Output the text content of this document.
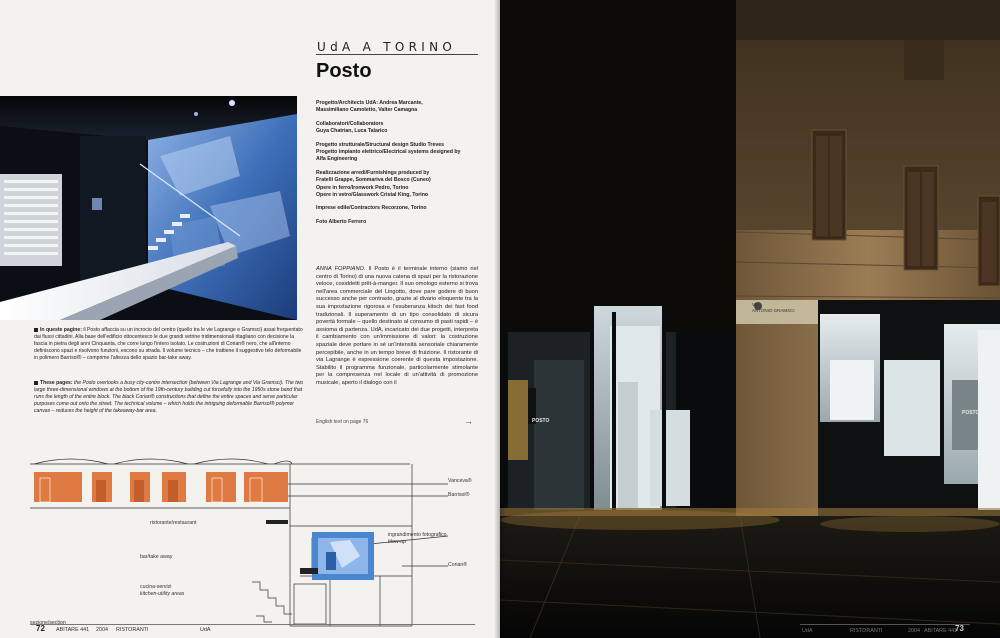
UdA A TORINO
Posto
Progetto/Architects UdA: Andrea Marcante,
Massimiliano Camoletto, Valter Camagna
Collaboratori/Collaborators
Guya Chatrian, Luca Talarico
Progetto strutturale/Structural design Studio Treves
Progetto impianto elettrico/Electrical systems designed by
Alfa Engineering
Realizzazione arredi/Furnishings produced by
Fratelli Grappe, Sommariva del Bosco (Cuneo)
Opere in ferro/Ironwork Pedro, Torino
Opere in vetro/Glasswork Cristal King, Torino
Imprese edile/Contractors Recorzone, Torino
Foto Alberto Ferrero
ANNA FOPPIANO. Il Posto è il terminale interno (siamo nel centro di Torino) di una nuova catena di spazi per la ristorazione veloce, cosiddetti prêt-à-manger. Il suo omologo esterno si trova nell'area commerciale del Lingotto, dove pare godere di buon successo anche per contrasto, grazie al divario eloquente tra la sua impostazione rigorosa e l'esuberanza kitsch dei fast food tradizionali. Il superamento di un tipo consolidato di sicura povertà formale – quello destinato al consumo di pasti rapidi – è assioma di partenza. UdA, incaricato dei due progetti, interpreta il cambiamento con un'immissione di valori: la costruzione spaziale deve portare in sé un'intensità sensoriale chiaramente percepibile, anche in un tempo breve di fruizione. Il ristorante di via Lagrange è espressione coerente di questa impostazione. Stabilito il programma funzionale, particolarmente stimolante per la compresenza nel locale di un'attività di promozione musicale, aperto il dialogo con il
English text on page 76	→
In queste pagine: il Posto affaccia su un incrocio del centro (quello tra le vie Lagrange e Gramsci) assai frequentato dai flussi cittadini. Alla base dell'edificio ottocentesco le due grandi vetrine tridimensionali ritagliano con decisione la fascia in pietra degli anni Cinquanta, che corre lungo l'intero isolato. Le costruzioni di Corian® nero, che all'interno definiscono spazi e risolvono funzioni, escono su strada. Il volume tecnico – che trattiene il suggestivo telo deformabile in polimero Barrisol® – comprime l'altezza dello spazio bar-take away.
These pages: the Posto overlooks a busy city-centre intersection (between Via Lagrange and Via Gramsci). The two large three-dimensional windows at the bottom of the 19th-century building cut forcefully into the 1950s stone band that runs the length of the entire block. The black Corian® constructions that define the entire spaces and serve particular purposes come out onto the street. The technical volume – which holds the intriguing deformable Barrisol® polymer canvas – reduces the height of the takeaway-bar area.
ristorante/restaurant
bar/take away
cucina-servizi
kitchen-utility areas
sezione/section
Vanceva®
Barrisol®
ingrandimento fotografico
blow-up
Corian®
72 ABITARE 441 2004 RISTORANTI	UdA
VIA
ANTONIO GRAMSCI
POSTO
POSTO
UdA	RISTORANTI	2004 ABITARE 441
73
